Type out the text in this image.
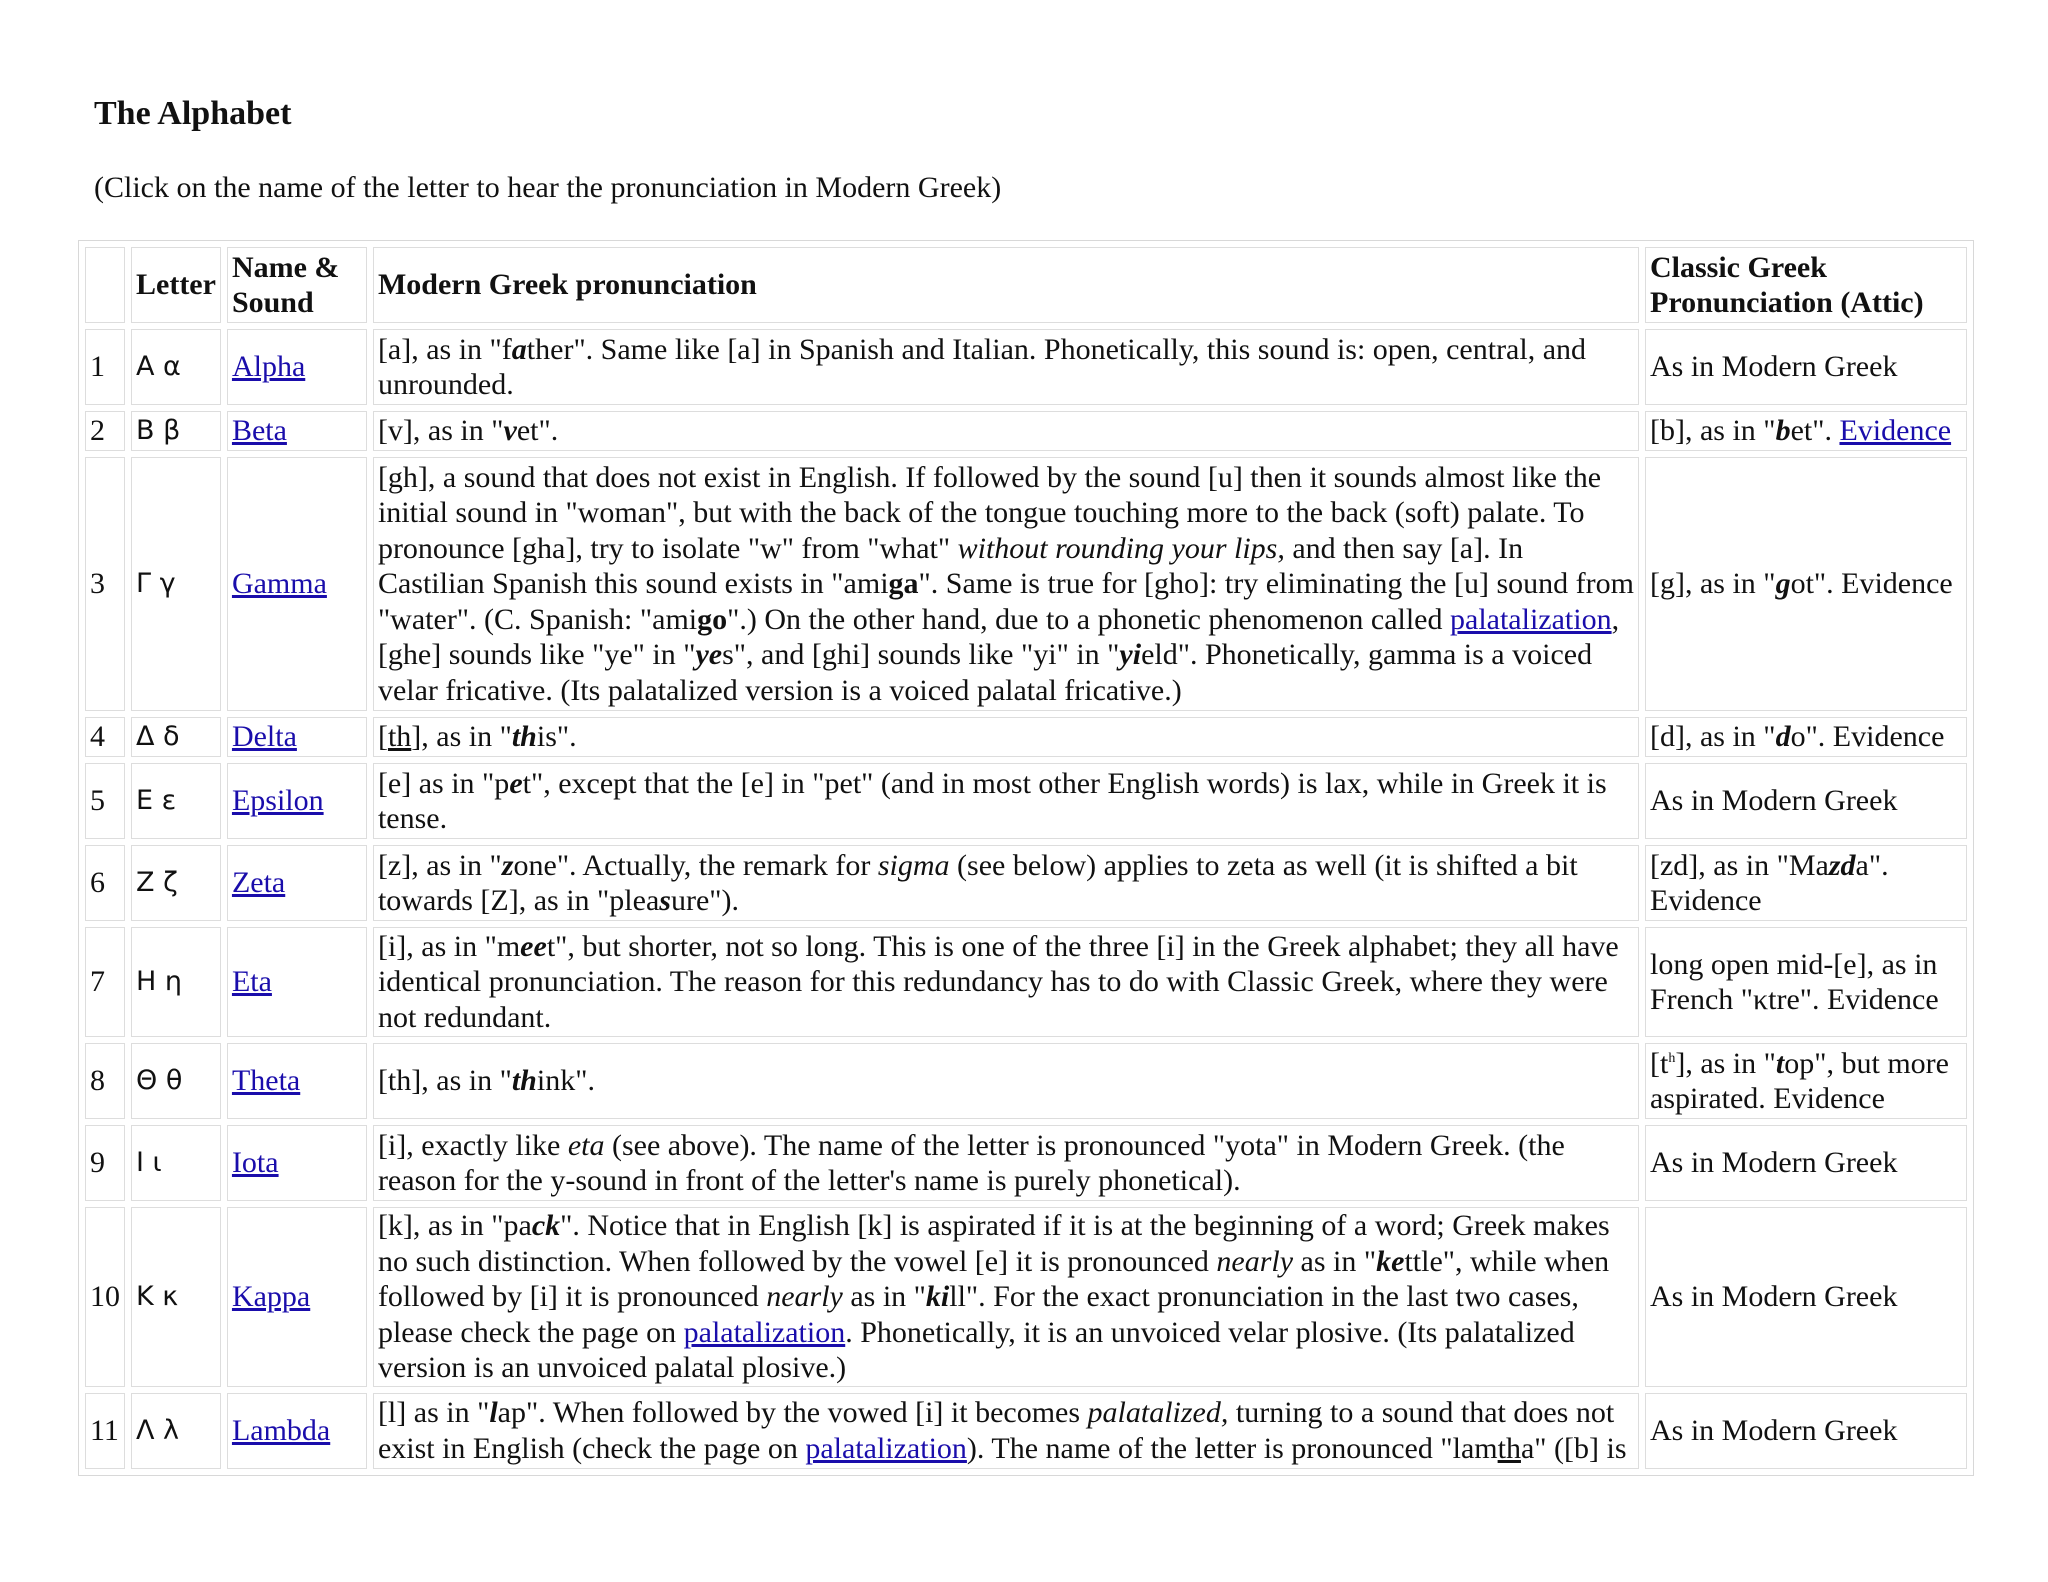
The Alphabet

(Click on the name of the letter to hear the pronunciation in Modern Greek)

	Letter	Name & Sound	Modern Greek pronunciation	Classic Greek Pronunciation (Attic)
1	Α α	Alpha	[a], as in "father". Same like [a] in Spanish and Italian. Phonetically, this sound is: open, central, and unrounded.	As in Modern Greek
2	Β β	Beta	[v], as in "vet".	[b], as in "bet". Evidence
3	Γ γ	Gamma	[gh], a sound that does not exist in English. If followed by the sound [u] then it sounds almost like the initial sound in "woman", but with the back of the tongue touching more to the back (soft) palate. To pronounce [gha], try to isolate "w" from "what" without rounding your lips, and then say [a]. In Castilian Spanish this sound exists in "amiga". Same is true for [gho]: try eliminating the [u] sound from "water". (C. Spanish: "amigo".) On the other hand, due to a phonetic phenomenon called palatalization, [ghe] sounds like "ye" in "yes", and [ghi] sounds like "yi" in "yield". Phonetically, gamma is a voiced velar fricative. (Its palatalized version is a voiced palatal fricative.)	[g], as in "got". Evidence
4	Δ δ	Delta	[th], as in "this".	[d], as in "do". Evidence
5	Ε ε	Epsilon	[e] as in "pet", except that the [e] in "pet" (and in most other English words) is lax, while in Greek it is tense.	As in Modern Greek
6	Ζ ζ	Zeta	[z], as in "zone". Actually, the remark for sigma (see below) applies to zeta as well (it is shifted a bit towards [Z], as in "pleasure").	[zd], as in "Mazda". Evidence
7	Η η	Eta	[i], as in "meet", but shorter, not so long. This is one of the three [i] in the Greek alphabet; they all have identical pronunciation. The reason for this redundancy has to do with Classic Greek, where they were not redundant.	long open mid-[e], as in French "κtre". Evidence
8	Θ θ	Theta	[th], as in "think".	$[t^h]$, as in "top", but more aspirated. Evidence
9	Ι ι	Iota	[i], exactly like eta (see above). The name of the letter is pronounced "yota" in Modern Greek. (the reason for the y-sound in front of the letter's name is purely phonetical).	As in Modern Greek
10	Κ κ	Kappa	[k], as in "pack". Notice that in English [k] is aspirated if it is at the beginning of a word; Greek makes no such distinction. When followed by the vowel [e] it is pronounced nearly as in "kettle", while when followed by [i] it is pronounced nearly as in "kill". For the exact pronunciation in the last two cases, please check the page on palatalization. Phonetically, it is an unvoiced velar plosive. (Its palatalized version is an unvoiced palatal plosive.)	As in Modern Greek
11	Λ λ	Lambda	[l] as in "lap". When followed by the vowed [i] it becomes palatalized, turning to a sound that does not exist in English (check the page on palatalization). The name of the letter is pronounced "lamtha" ([b] is	As in Modern Greek
